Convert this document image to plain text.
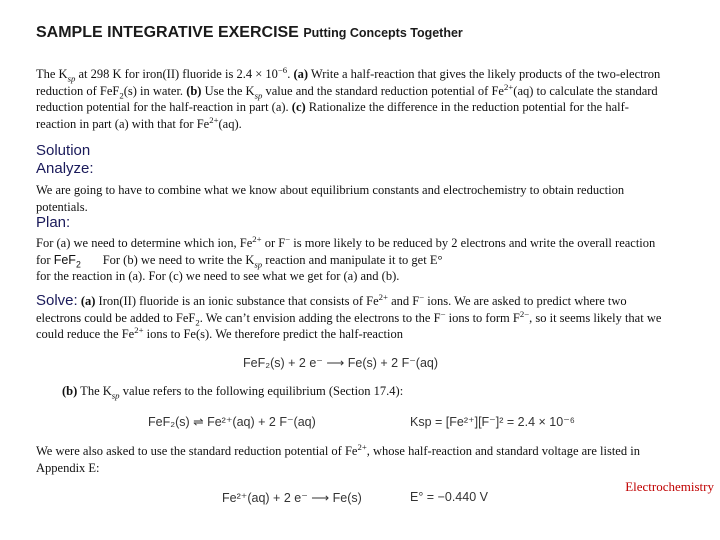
SAMPLE INTEGRATIVE EXERCISE Putting Concepts Together
The $K_{sp}$ at 298 K for iron(II) fluoride is $2.4 \times 10^{-6}$. (a) Write a half-reaction that gives the likely products of the two-electron reduction of FeF$_2$(s) in water. (b) Use the $K_{sp}$ value and the standard reduction potential of $Fe^{2+}(aq)$ to calculate the standard reduction potential for the half-reaction in part (a). (c) Rationalize the difference in the reduction potential for the half-reaction in part (a) with that for $Fe^{2+}(aq)$.
Solution
Analyze:
We are going to have to combine what we know about equilibrium constants and electrochemistry to obtain reduction potentials.
Plan:
For (a) we need to determine which ion, $Fe^{2+}$ or F− is more likely to be reduced by 2 electrons and write the overall reaction for FeF$_2$       For (b) we need to write the $K_{sp}$ reaction and manipulate it to get E°
for the reaction in (a). For (c) we need to see what we get for (a) and (b).
Solve: (a) Iron(II) fluoride is an ionic substance that consists of $Fe^{2+}$ and F− ions. We are asked to predict where two electrons could be added to FeF$_2$. We can’t envision adding the electrons to the F− ions to form $F^{2-}$, so it seems likely that we could reduce the $Fe^{2+}$ ions to Fe(s). We therefore predict the half-reaction
FeF₂(s) + 2 e⁻ ⟶ Fe(s) + 2 F⁻(aq)
(b) The $K_{sp}$ value refers to the following equilibrium (Section 17.4):
FeF₂(s) ⇌ Fe²⁺(aq) + 2 F⁻(aq)	Ksp = [Fe²⁺][F⁻]² = 2.4 × 10⁻⁶
We were also asked to use the standard reduction potential of $Fe^{2+}$, whose half-reaction and standard voltage are listed in Appendix E:
Fe²⁺(aq) + 2 e⁻ ⟶ Fe(s)	E° = −0.440 V
Electrochemistry
